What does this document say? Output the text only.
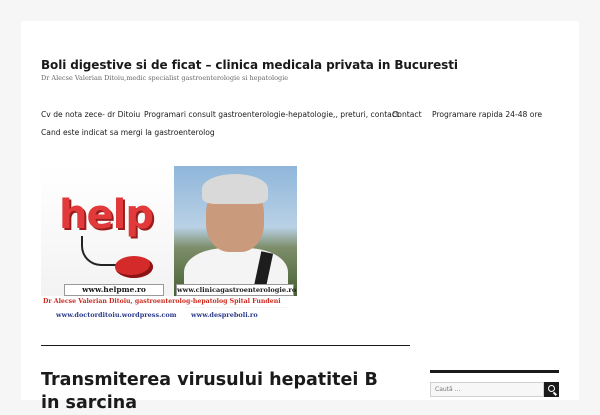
Boli digestive si de ficat – clinica medicala privata in Bucuresti
Dr Alecse Valerian Ditoiu,medic specialist gastroenterologie si hepatologie
Cv de nota zece- dr Ditoiu Programari consult gastroenterologie-hepatologie,, preturi, contact
Contact Programare rapida 24-48 ore
Cand este indicat sa mergi la gastroenterolog
help
www.helpme.ro	www.clinicagastroenterologie.ro
Dr Alecse Valerian Ditoiu, gastroenterolog-hepatolog Spital Fundeni
www.doctorditoiu.wordpress.com www.despreboli.ro
Transmiterea virusului hepatitei B in sarcina
Caută …
